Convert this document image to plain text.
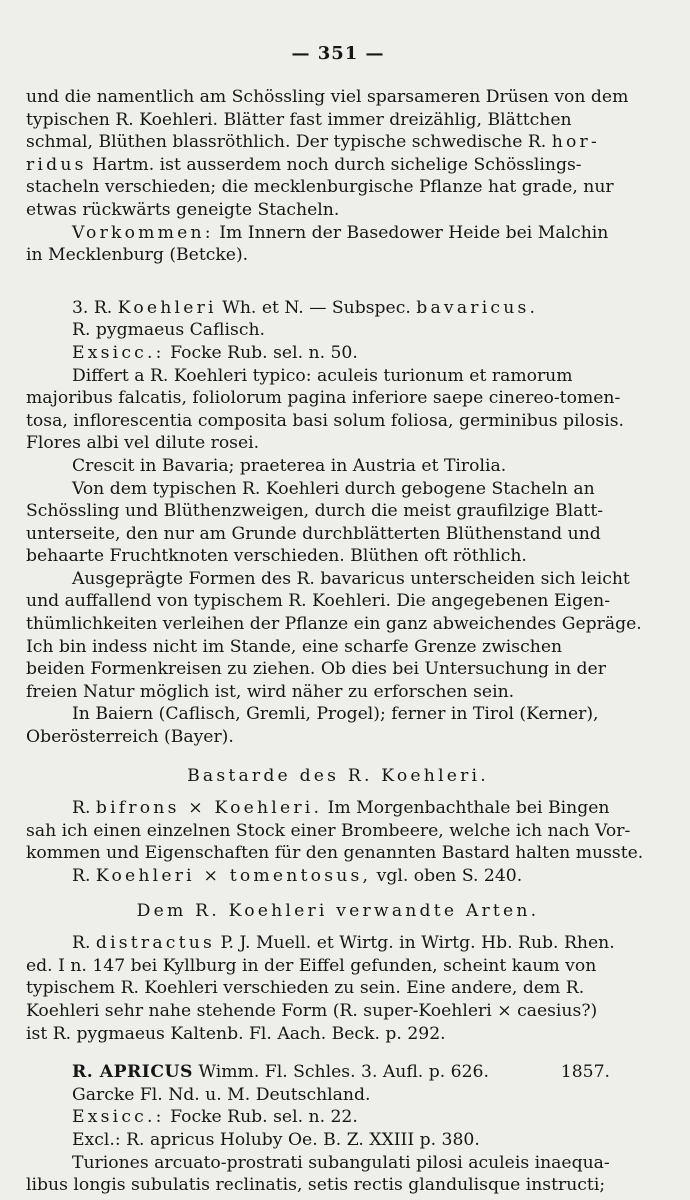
— 351 —

und die namentlich am Schössling viel sparsameren Drüsen von dem
typischen R. Koehleri. Blätter fast immer dreizählig, Blättchen
schmal, Blüthen blassröthlich. Der typische schwedische R. hor-
ridus Hartm. ist ausserdem noch durch sichelige Schösslings-
stacheln verschieden; die mecklenburgische Pflanze hat grade, nur
etwas rückwärts geneigte Stacheln.

Vorkommen: Im Innern der Basedower Heide bei Malchin
in Mecklenburg (Betcke).

3. R. Koehleri Wh. et N. — Subspec. bavaricus.
R. pygmaeus Caflisch.
Exsicc.: Focke Rub. sel. n. 50.

Differt a R. Koehleri typico: aculeis turionum et ramorum
majoribus falcatis, foliolorum pagina inferiore saepe cinereo-tomen-
tosa, inflorescentia composita basi solum foliosa, germinibus pilosis.
Flores albi vel dilute rosei.

Crescit in Bavaria; praeterea in Austria et Tirolia.

Von dem typischen R. Koehleri durch gebogene Stacheln an
Schössling und Blüthenzweigen, durch die meist graufilzige Blatt-
unterseite, den nur am Grunde durchblätterten Blüthenstand und
behaarte Fruchtknoten verschieden. Blüthen oft röthlich.

Ausgeprägte Formen des R. bavaricus unterscheiden sich leicht
und auffallend von typischem R. Koehleri. Die angegebenen Eigen-
thümlichkeiten verleihen der Pflanze ein ganz abweichendes Gepräge.
Ich bin indess nicht im Stande, eine scharfe Grenze zwischen
beiden Formenkreisen zu ziehen. Ob dies bei Untersuchung in der
freien Natur möglich ist, wird näher zu erforschen sein.

In Baiern (Caflisch, Gremli, Progel); ferner in Tirol (Kerner),
Oberösterreich (Bayer).

Bastarde des R. Koehleri.

R. bifrons × Koehleri. Im Morgenbachthale bei Bingen
sah ich einen einzelnen Stock einer Brombeere, welche ich nach Vor-
kommen und Eigenschaften für den genannten Bastard halten musste.
R. Koehleri × tomentosus, vgl. oben S. 240.

Dem R. Koehleri verwandte Arten.

R. distractus P. J. Muell. et Wirtg. in Wirtg. Hb. Rub. Rhen.
ed. I n. 147 bei Kyllburg in der Eiffel gefunden, scheint kaum von
typischem R. Koehleri verschieden zu sein. Eine andere, dem R.
Koehleri sehr nahe stehende Form (R. super-Koehleri × caesius?)
ist R. pygmaeus Kaltenb. Fl. Aach. Beck. p. 292.

R. APRICUS Wimm. Fl. Schles. 3. Aufl. p. 626.	1857.
Garcke Fl. Nd. u. M. Deutschland.
Exsicc.: Focke Rub. sel. n. 22.
Excl.: R. apricus Holuby Oe. B. Z. XXIII p. 380.
Turiones arcuato-prostrati subangulati pilosi aculeis inaequa-
libus longis subulatis reclinatis, setis rectis glandulisque instructi;
